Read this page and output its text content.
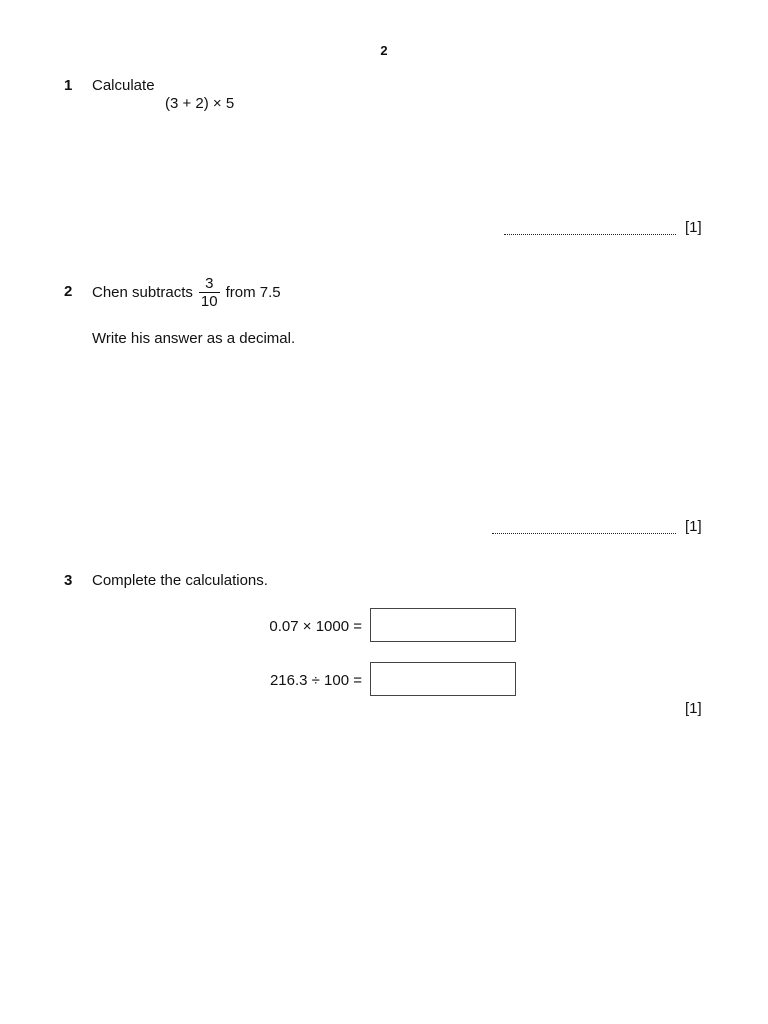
2
1 Calculate
(3 + 2) × 5
[1]
2 Chen subtracts $\frac{3}{10}$ from 7.5
Write his answer as a decimal.
[1]
3 Complete the calculations.
0.07 × 1000 =
216.3 ÷ 100 =
[1]
